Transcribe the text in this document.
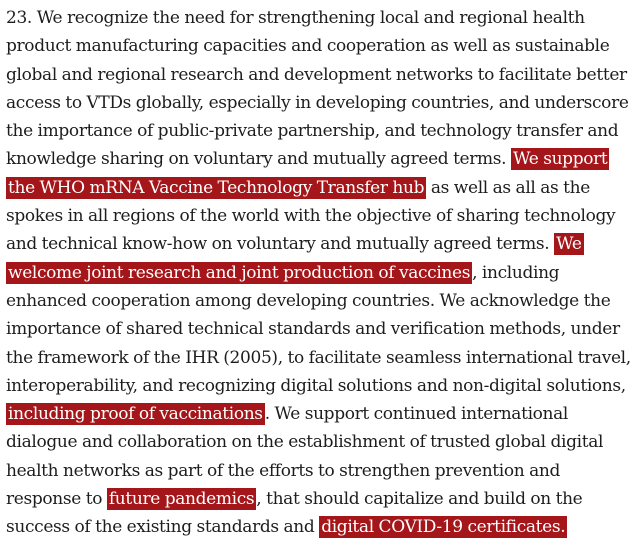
23. We recognize the need for strengthening local and regional health product manufacturing capacities and cooperation as well as sustainable global and regional research and development networks to facilitate better access to VTDs globally, especially in developing countries, and underscore the importance of public-private partnership, and technology transfer and knowledge sharing on voluntary and mutually agreed terms. We support the WHO mRNA Vaccine Technology Transfer hub as well as all as the spokes in all regions of the world with the objective of sharing technology and technical know-how on voluntary and mutually agreed terms. We welcome joint research and joint production of vaccines , including enhanced cooperation among developing countries. We acknowledge the importance of shared technical standards and verification methods, under the framework of the IHR (2005), to facilitate seamless international travel, interoperability, and recognizing digital solutions and non-digital solutions, including proof of vaccinations . We support continued international dialogue and collaboration on the establishment of trusted global digital health networks as part of the efforts to strengthen prevention and response to future pandemics , that should capitalize and build on the success of the existing standards and digital COVID-19 certificates.
